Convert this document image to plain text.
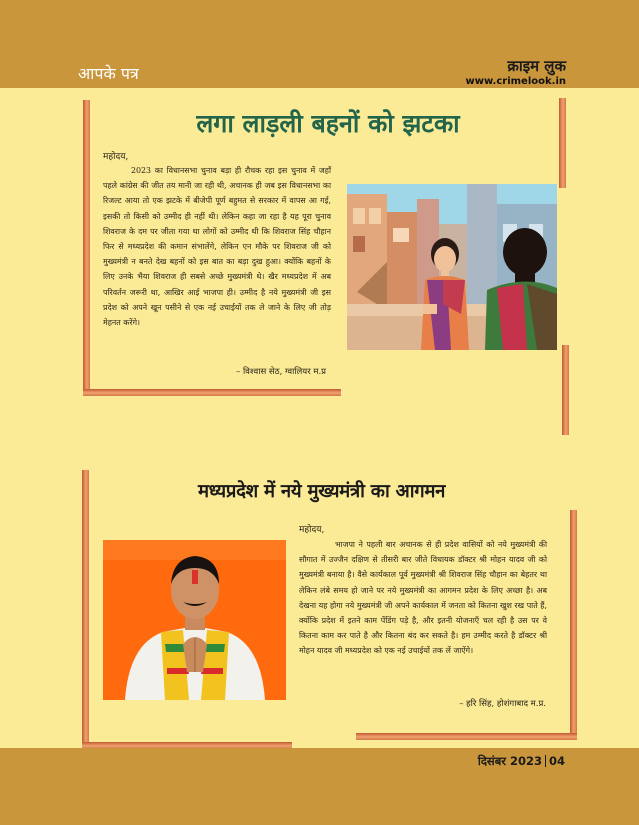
आपके पत्र	क्राइम लुक
www.crimelook.in
लगा लाड़ली बहनों को झटका
महोदय,

2023 का विधानसभा चुनाव बड़ा ही रौचक रहा इस चुनाव में जहाँ पहले कांग्रेस की जीत तय मानी जा रही थी, अचानक ही जब इस विधानसभा का रिजल्ट आया तो एक झटके में बीजेपी पूर्ण बहुमत से सरकार में वापस आ गई, इसकी तो किसी को उम्मीद ही नहीं थी। लेकिन कहा जा रहा है यह पूरा चुनाव शिवराज के दम पर जीता गया था लोगों को उम्मीद थी कि शिवराज सिंह चौहान फिर से मध्यप्रदेश की कमान संभालेंगे, लेकिन एन मौके पर शिवराज जी को मुख्यमंत्री न बनते देख बहनों को इस बात का बड़ा दुख हुआ। क्योंकि बहनों के लिए उनके भैया शिवराज ही सबसे अच्छे मुख्यमंत्री थे। खैर मध्यप्रदेश में अब परिवर्तन जरूरी था, आखिर आई भाजपा ही। उम्मीद है नये मुख्यमंत्री जी इस प्रदेश को अपने खून पसीने से एक नई उचाईयों तक ले जाने के लिए जी तोड़ मेहनत करेंगे।

– विश्वास सेठ, ग्वालियर म.प्र
मध्यप्रदेश में नये मुख्यमंत्री का आगमन
महोदय,

भाजपा ने पहली बार अचानक से ही प्रदेश वासियों को नये मुख्यमंत्री की सौगात में उज्जैन दक्षिण से तीसरी बार जीते विधायक डॉक्टर श्री मोहन यादव जी को मुख्यमंत्री बनाया है। वैसे कार्यकाल पूर्व मुख्यमंत्री श्री शिवराज सिंह चौहान का बेहतर था लेकिन लंबे समय हो जाने पर नये मुख्यमंत्री का आगमन प्रदेश के लिए अच्छा है। अब देखना यह होगा नये मुख्यमंत्री जी अपने कार्यकाल में जनता को कितना खुश रख पाते हैं, क्योंकि प्रदेश में इतने काम पेंडिंग पड़े है, और इतनी योजनाएँ चल रही है उस पर वे कितना काम कर पाते है और कितना बंद कर सकते है। हम उम्मीद करते है डॉक्टर श्री मोहन यादव जी मध्यप्रदेश को एक नई उचाईयों तक लें जाऐंगे।

– हरि सिंह, होशंगाबाद म.प्र.
दिसंबर 2023 04
